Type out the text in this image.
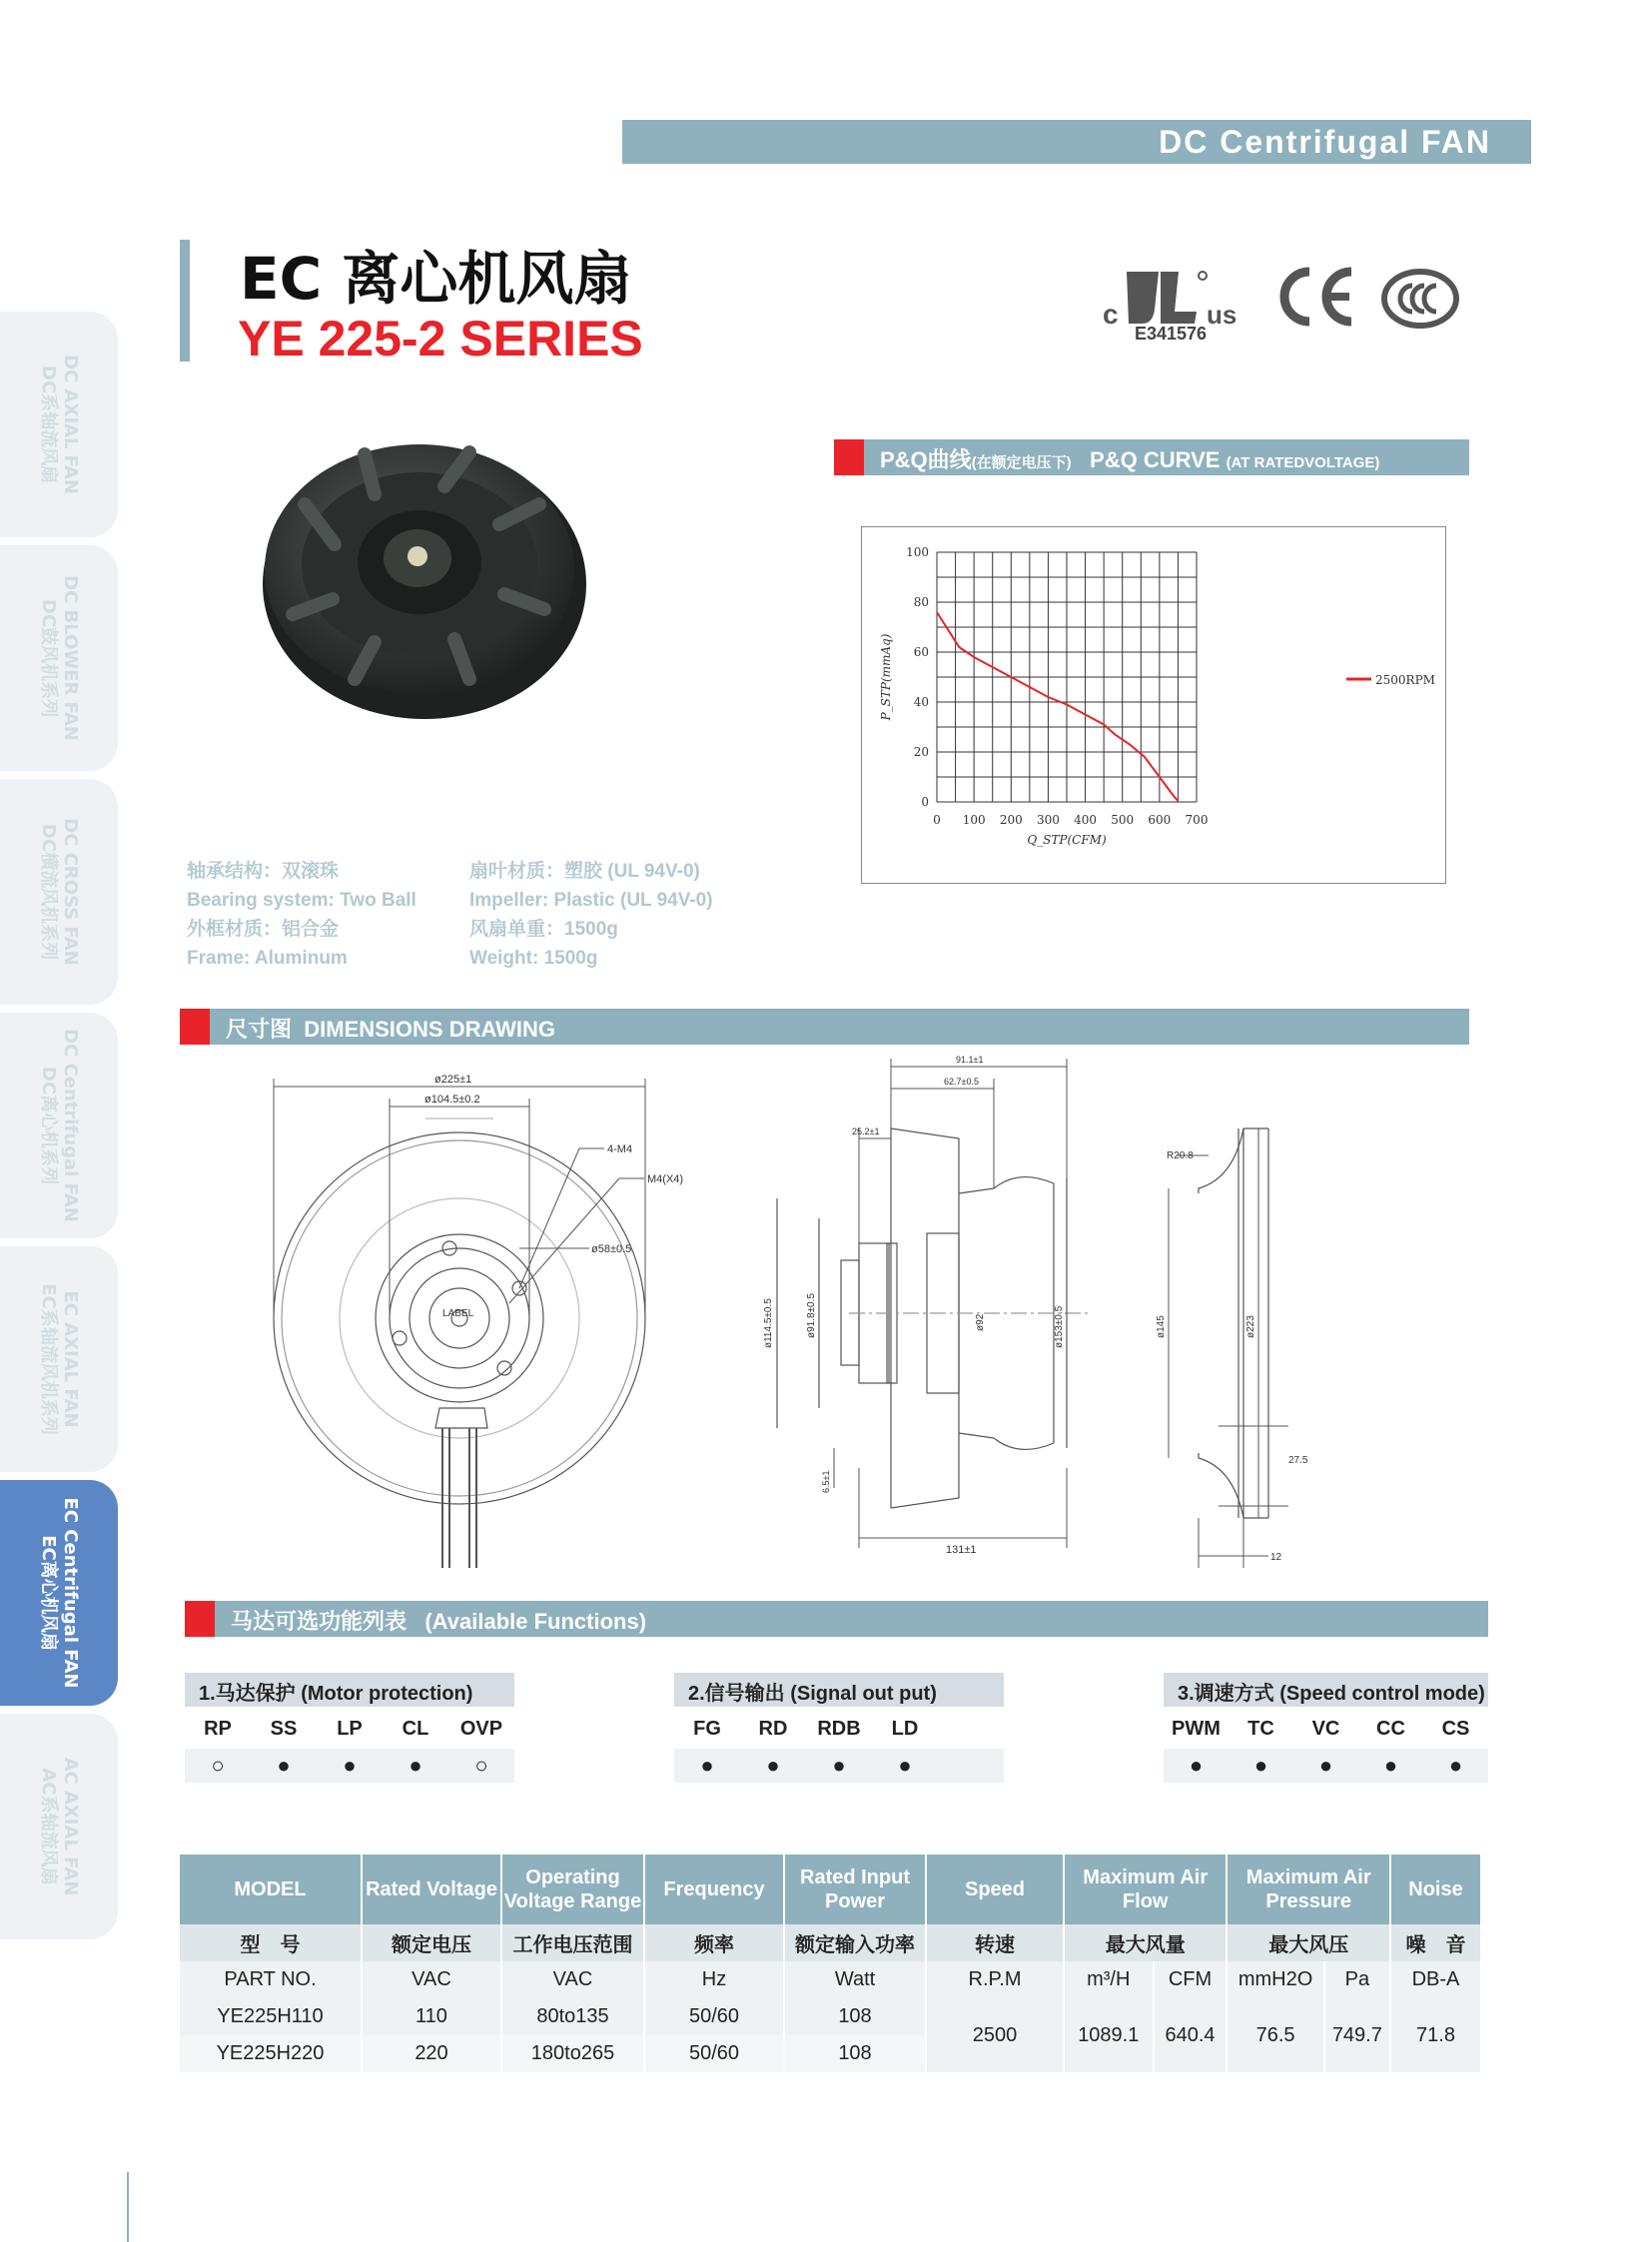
DC Centrifugal FAN
DC AXIAL FAN
DC系轴流风扇
DC BLOWER FAN
DC鼓风机系列
DC CROSS FAN
DC横流风机系列
DC Centrifugal FAN
DC离心机系列
EC AXIAL FAN
EC系轴流风机系列
EC Centrifugal FAN
EC离心机风扇
AC AXIAL FAN
AC系轴流风扇
EC 离心机风扇
YE 225-2 SERIES	c	us
E341576
P&Q曲线(在额定电压下) P&Q CURVE (AT RATEDVOLTAGE)
0 100 200 300 400 500 600 700
0
20
40
60
80
100
Q_STP(CFM)
P_STP(mmAq)	2500RPM
轴承结构：双滚珠
Bearing system: Two Ball
外框材质：铝合金
Frame: Aluminum
扇叶材质：塑胶 (UL 94V-0)
Impeller: Plastic (UL 94V-0)
风扇单重：1500g
Weight: 1500g
尺寸图 DIMENSIONS DRAWING
ø225±1
ø104.5±0.2
4-M4
M4(X4)
ø58±0.5
LABEL
91.1±1
62.7±0.5
25.2±1
ø114.5±0.5	ø91.8±0.5	ø92	ø153±0.5
6.5±1
131±1
R20.8
ø145	ø223
27.5
12
马达可选功能列表 (Available Functions)
1.马达保护 (Motor protection)
RP	SS	LP	CL	OVP
○	●	●	●	○
2.信号输出 (Signal out put)
FG	RD	RDB	LD
●	●	●	●
3.调速方式 (Speed control mode)
PWM	TC	VC	CC	CS
●	●	●	●	●
MODEL	Rated Voltage	Operating Voltage Range	Frequency	Rated Input Power	Speed	Maximum Air Flow		Maximum Air Pressure		Noise
型　号	额定电压	工作电压范围	频率	额定输入功率	转速	最大风量		最大风压		噪　音
PART NO.	VAC	VAC	Hz	Watt	R.P.M	m³/H	CFM	mmH2O	Pa	DB-A
YE225H110	110	80to135	50/60	108	2500	1089.1	640.4	76.5	749.7	71.8
YE225H220	220	180to265	50/60	108						
